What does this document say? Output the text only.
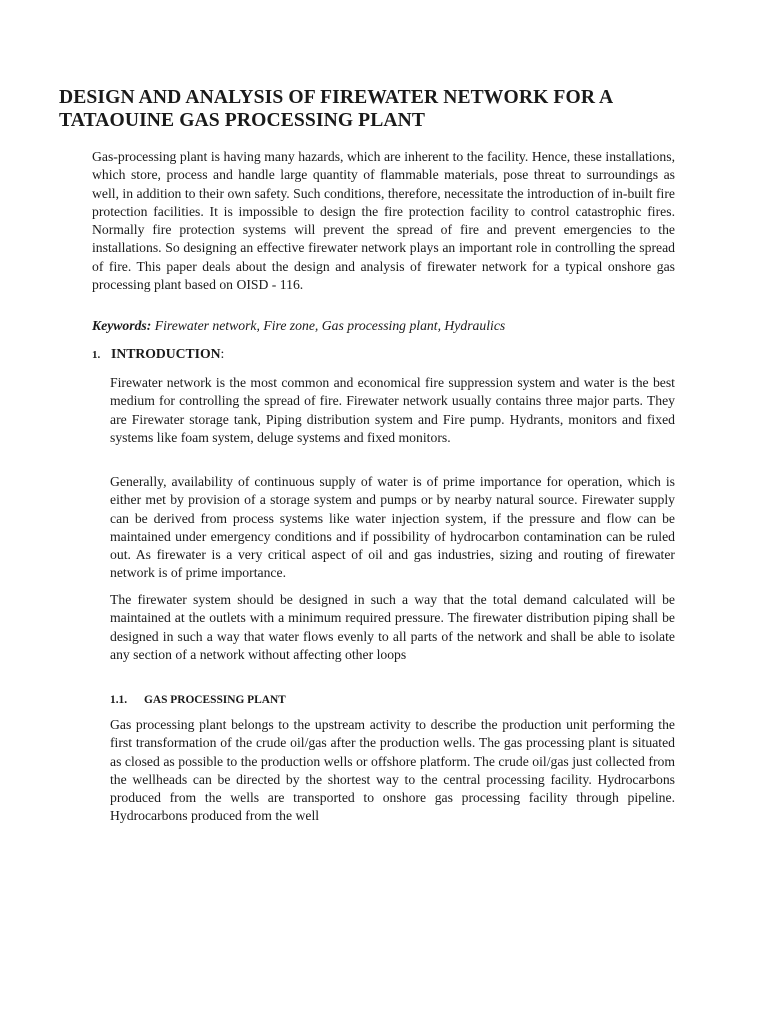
DESIGN AND ANALYSIS OF FIREWATER NETWORK FOR A TATAOUINE GAS PROCESSING PLANT

Gas-processing plant is having many hazards, which are inherent to the facility. Hence, these installations, which store, process and handle large quantity of flammable materials, pose threat to surroundings as well, in addition to their own safety. Such conditions, therefore, necessitate the introduction of in-built fire protection facilities. It is impossible to design the fire protection facility to control catastrophic fires. Normally fire protection systems will prevent the spread of fire and prevent emergencies to the installations. So designing an effective firewater network plays an important role in controlling the spread of fire. This paper deals about the design and analysis of firewater network for a typical onshore gas processing plant based on OISD - 116.

Keywords: Firewater network, Fire zone, Gas processing plant, Hydraulics

1. INTRODUCTION:

Firewater network is the most common and economical fire suppression system and water is the best medium for controlling the spread of fire. Firewater network usually contains three major parts. They are Firewater storage tank, Piping distribution system and Fire pump. Hydrants, monitors and fixed systems like foam system, deluge systems and fixed monitors.

Generally, availability of continuous supply of water is of prime importance for operation, which is either met by provision of a storage system and pumps or by nearby natural source. Firewater supply can be derived from process systems like water injection system, if the pressure and flow can be maintained under emergency conditions and if possibility of hydrocarbon contamination can be ruled out. As firewater is a very critical aspect of oil and gas industries, sizing and routing of firewater network is of prime importance.

The firewater system should be designed in such a way that the total demand calculated will be maintained at the outlets with a minimum required pressure. The firewater distribution piping shall be designed in such a way that water flows evenly to all parts of the network and shall be able to isolate any section of a network without affecting other loops

1.1. GAS PROCESSING PLANT

Gas processing plant belongs to the upstream activity to describe the production unit performing the first transformation of the crude oil/gas after the production wells. The gas processing plant is situated as closed as possible to the production wells or offshore platform. The crude oil/gas just collected from the wellheads can be directed by the shortest way to the central processing facility. Hydrocarbons produced from the wells are transported to onshore gas processing facility through pipeline. Hydrocarbons produced from the well
